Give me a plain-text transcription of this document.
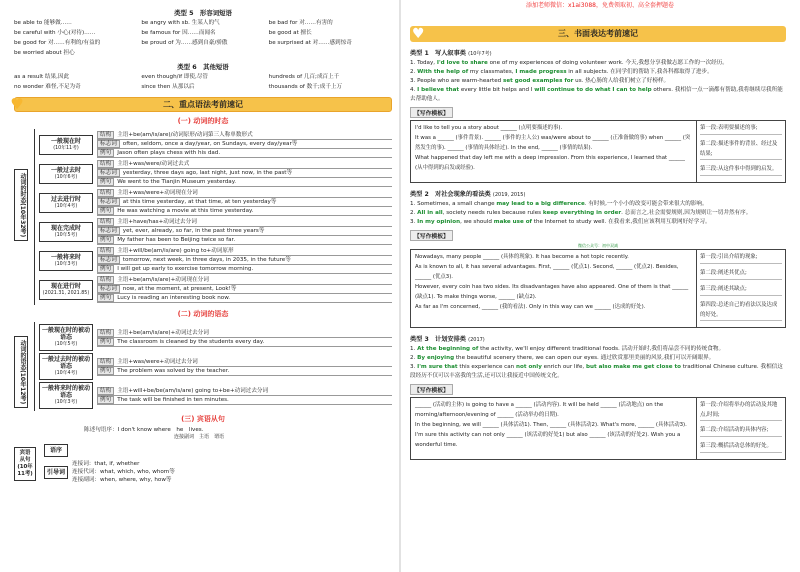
添加老师微信：x1ai3088，免费领取初、高全套押题卷
类型 5　形容词短语
be able to 能够做……	be angry with sb. 生某人的气	be bad for 对……有害的
be careful with 小心(对待)……	be famous for 因……而闻名	be good at 擅长
be good for 对……有利的/有益的	be proud of 为……感到自豪/骄傲	be surprised at 对……感到惊奇
be worried about 担心
类型 6　其他短语
as a result 结果,因此	even though/if 即使,尽管	hundreds of 几百;成百上千
no wonder 难怪,不足为奇	since then 从那以后	thousands of 数千;成千上万
♥	二、重点语法考前速记
(一) 动词的时态
动词的时态(10年32考)
一般现在时
(10年11考)
结构 主语+be(am/is/are)/动词原形/动词第三人称单数形式
标志词 often, seldom, once a day/year, on Sundays, every day/year等
例句 Jason often plays chess with his dad.
一般过去时
(10年6考)
结构 主语+was/were/动词过去式
标志词 yesterday, three days ago, last night, just now, in the past等
例句 We went to the Tianjin Museum yesterday.
过去进行时
(10年4考)
结构 主语+was/were+动词现在分词
标志词 at this time yesterday, at that time, at ten yesterday等
例句 He was watching a movie at this time yesterday.
现在完成时
(10年5考)
结构 主语+have/has+动词过去分词
标志词 yet, ever, already, so far, in the past three years等
例句 My father has been to Beijing twice so far.
一般将来时
(10年3考)
结构 主语+will/be(am/is/are) going to+动词原形
标志词 tomorrow, next week, in three days, in 2035, in the future等
例句 I will get up early to exercise tomorrow morning.
现在进行时
(2021.31, 2021.85)
结构 主语+be(am/is/are)+动词现在分词
标志词 now, at the moment, at present, Look!等
例句 Lucy is reading an interesting book now.
(二) 动词的语态
动词的语态(10年12考)
一般现在时的被动语态
(10年5考)
结构 主语+be(am/is/are)+动词过去分词
例句 The classroom is cleaned by the students every day.
一般过去时的被动语态
(10年4考)
结构 主语+was/were+动词过去分词
例句 The problem was solved by the teacher.
一般将来时的被动语态
(10年3考)
结构 主语+will+be/be(am/is/are) going to+be+动词过去分词
例句 The task will be finished in ten minutes.
(三) 宾语从句
陈述句语序：I don't know where　he　lives.
连接副词　主语　谓语
宾语从句(10年11考)
语序
引导词
连接词：that, if, whether
连接代词：what, which, who, whom等
连接副词：when, where, why, how等
♥	三、书面表达考前速记
类型 1　写人叙事类 (10年7考)
1. Today, I'd love to share one of my experiences of doing volunteer work. 今天,我想分享我做志愿工作的一次经历。
2. With the help of my classmates, I made progress in all subjects. 在同学们的帮助下,我各科都取得了进步。
3. People who are warm-hearted set good examples for us. 热心肠的人给我们树立了好榜样。
4. I believe that every little bit helps and I will continue to do what I can to help others. 我相信一点一滴都有帮助,我将继续尽我所能去帮助他人。
【写作模板】
I'd like to tell you a story about ______ (点明要描述的事).
It was a ______ (事件背景). ______ (事件的主人公) was/were about to ______ (正准备做的事) when ______ (突然发生的事). ______ (事情的具体经过). In the end, ______ (事情的结果).
What happened that day left me with a deep impression. From this experience, I learned that ______ (从中得到的启发或经验).
第一段:表明要描述的事;
第二段:描述事件的背景、经过及结果;
第三段:从这件事中得到的启发。
类型 2　对社会现象的看法类 (2019, 2015)
1. Sometimes, a small change may lead to a big difference. 有时候,一个小小的改变可能会带来很大的影响。
2. All in all, society needs rules because rules keep everything in order. 总而言之,社会需要规则,因为规则让一切井然有序。
3. In my opinion, we should make use of the Internet to study well. 在我看来,我们应该利用互联网好好学习。
【写作模板】
微信公众号：初中双减
Nowadays, many people ______ (具体的现象). It has become a hot topic recently.
As is known to all, it has several advantages. First, ______ (优点1). Second, ______ (优点2). Besides, ______ (优点3).
However, every coin has two sides. Its disadvantages have also appeared. One of them is that ______ (缺点1). To make things worse, ______ (缺点2).
As far as I'm concerned, ______ (我的看法). Only in this way can we ______ (达成的好处).
第一段:引出介绍的现象;
第二段:阐述其优点;
第三段:阐述其缺点;
第四段:总述自己的看法以及达成的好处。
类型 3　计划安排类 (2017)
1. At the beginning of the activity, we'll enjoy different traditional foods. 活动开始时,我们将品尝不同的传统食物。
2. By enjoying the beautiful scenery there, we can open our eyes. 通过欣赏那里美丽的风景,我们可以开阔眼界。
3. I'm sure that this experience can not only enrich our life, but also make me get close to traditional Chinese culture. 我相信这段经历不仅可以丰富我的生活,还可以让我接近中国传统文化。
【写作模板】
______ (活动的主体) is going to have a ______ (活动内容). It will be held ______ (活动地点) on the morning/afternoon/evening of ______ (活动举办的日期).
In the beginning, we will ______ (具体活动1). Then, ______ (具体活动2). What's more, ______ (具体活动3).
I'm sure this activity can not only ______ (该活动的好处1) but also ______ (该活动的好处2). Wish you a wonderful time.
第一段:介绍将举办的活动及其地点,时间;
第二段:介绍活动的具体内容;
第三段:概括活动总体的好处。
